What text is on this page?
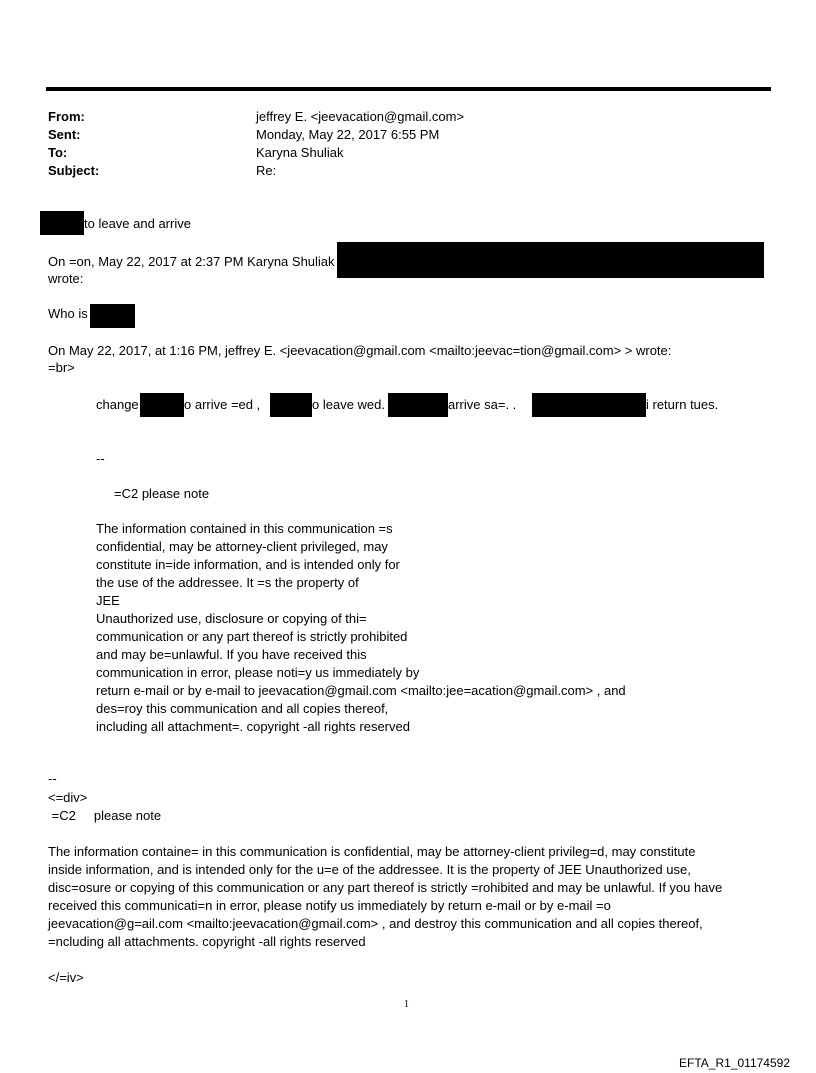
From:	jeffrey E. <jeevacation@gmail.com>
Sent:	Monday, May 22, 2017 6:55 PM
To:	Karyna Shuliak
Subject:	Re:
to leave and arrive
On =on, May 22, 2017 at 2:37 PM Karyna Shuliak
wrote:
Who is
On May 22, 2017, at 1:16 PM, jeffrey E. <jeevacation@gmail.com <mailto:jeevac=tion@gmail.com> > wrote:
=br>
change	o arrive =ed ,	o leave wed.	arrive sa=. .	i return tues.
--
=C2 please note
The information contained in this communication =s
confidential, may be attorney-client privileged, may
constitute in=ide information, and is intended only for
the use of the addressee. It =s the property of
JEE
Unauthorized use, disclosure or copying of thi=
communication or any part thereof is strictly prohibited
and may be=unlawful. If you have received this
communication in error, please noti=y us immediately by
return e-mail or by e-mail to jeevacation@gmail.com <mailto:jee=acation@gmail.com> , and
des=roy this communication and all copies thereof,
including all attachment=. copyright -all rights reserved
--
<=div>
=C2     please note
The information containe= in this communication is confidential, may be attorney-client privileg=d, may constitute
inside information, and is intended only for the u=e of the addressee. It is the property of JEE Unauthorized use,
disc=osure or copying of this communication or any part thereof is strictly =rohibited and may be unlawful. If you have
received this communicati=n in error, please notify us immediately by return e-mail or by e-mail =o
jeevacation@g=ail.com <mailto:jeevacation@gmail.com> , and destroy this communication and all copies thereof,
=ncluding all attachments. copyright -all rights reserved
</=iv>
1
EFTA_R1_01174592
